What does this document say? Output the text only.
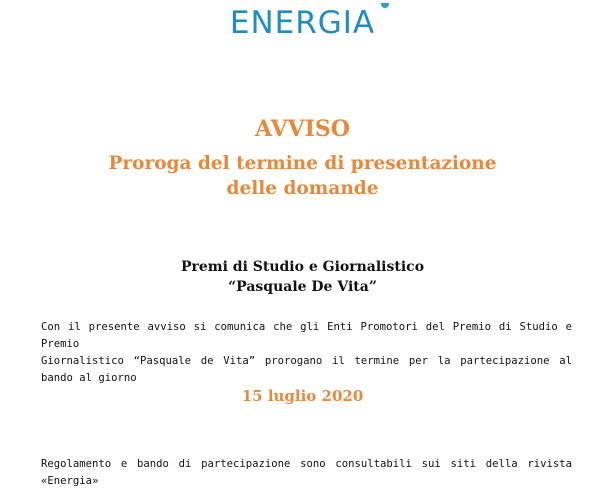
ENERGIA
AVVISO
Proroga del termine di presentazione
delle domande
Premi di Studio e Giornalistico
“Pasquale De Vita”
Con il presente avviso si comunica che gli Enti Promotori del Premio di Studio e Premio
Giornalistico “Pasquale de Vita” prorogano il termine per la partecipazione al bando al giorno
15 luglio 2020
Regolamento e bando di partecipazione sono consultabili sui siti della rivista «Energia»
